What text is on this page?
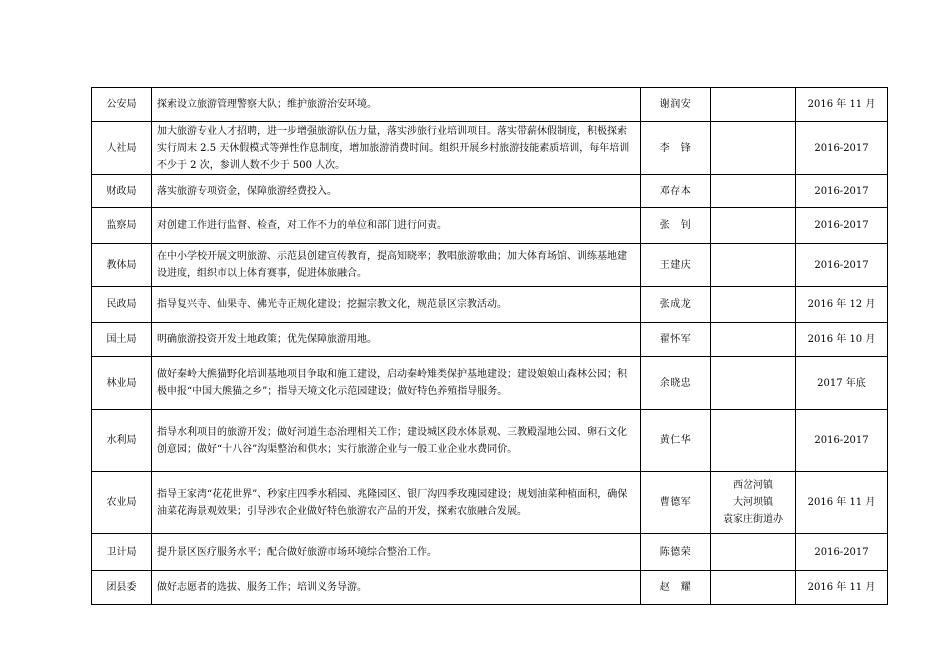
公安局	探索设立旅游管理警察大队；维护旅游治安环境。	谢润安		2016 年 11 月
人社局	加大旅游专业人才招聘，进一步增强旅游队伍力量，落实涉旅行业培训项目。落实带薪休假制度，积极探索实行周末 2.5 天休假模式等弹性作息制度，增加旅游消费时间。组织开展乡村旅游技能素质培训，每年培训不少于 2 次，参训人数不少于 500 人次。	李　锋		2016-2017
财政局	落实旅游专项资金，保障旅游经费投入。	邓存本		2016-2017
监察局	对创建工作进行监督、检查，对工作不力的单位和部门进行问责。	张　钊		2016-2017
教体局	在中小学校开展文明旅游、示范县创建宣传教育，提高知晓率；教唱旅游歌曲；加大体育场馆、训练基地建设进度，组织市以上体育赛事，促进体旅融合。	王建庆		2016-2017
民政局	指导复兴寺、仙果寺、佛光寺正规化建设；挖掘宗教文化，规范景区宗教活动。	张成龙		2016 年 12 月
国土局	明确旅游投资开发土地政策；优先保障旅游用地。	翟怀军		2016 年 10 月
林业局	做好秦岭大熊猫野化培训基地项目争取和施工建设，启动秦岭雉类保护基地建设；建设娘娘山森林公园；积极申报“中国大熊猫之乡”；指导天境文化示范园建设；做好特色养殖指导服务。	余晓忠		2017 年底
水利局	指导水利项目的旅游开发；做好河道生态治理相关工作；建设城区段水体景观、三教殿湿地公园、卵石文化创意园；做好“十八谷”沟渠整治和供水；实行旅游企业与一般工业企业水费同价。	黄仁华		2016-2017
农业局	指导王家湾“花花世界”、秒家庄四季水稻园、兆隆园区、银厂沟四季玫瑰园建设；规划油菜种植面积，确保油菜花海景观效果；引导涉农企业做好特色旅游农产品的开发，探索农旅融合发展。	曹德军	西岔河镇
大河坝镇
袁家庄街道办	2016 年 11 月
卫计局	提升景区医疗服务水平；配合做好旅游市场环境综合整治工作。	陈德荣		2016-2017
团县委	做好志愿者的选拔、服务工作；培训义务导游。	赵　耀		2016 年 11 月
